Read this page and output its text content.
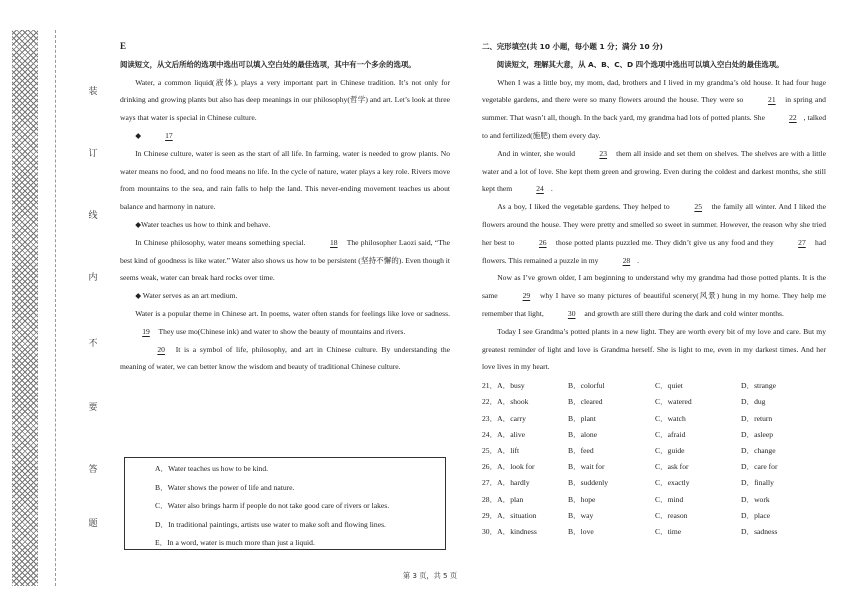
装
订
线
内
不
要
答
题

E

阅读短文，从文后所给的选项中选出可以填入空白处的最佳选项，其中有一个多余的选项。

Water, a common liquid(液体), plays a very important part in Chinese tradition. It’s not only for drinking and growing plants but also has deep meanings in our philosophy(哲学) and art. Let’s look at three ways that water is special in Chinese culture.

◆	17

In Chinese culture, water is seen as the start of all life. In farming, water is needed to grow plants. No water means no food, and no food means no life. In the cycle of nature, water plays a key role. Rivers move from mountains to the sea, and rain falls to help the land. This never-ending movement teaches us about balance and harmony in nature.

◆Water teaches us how to think and behave.

In Chinese philosophy, water means something special.	18 The philosopher Laozi said, “The best kind of goodness is like water.” Water also shows us how to be persistent (坚持不懈的). Even though it seems weak, water can break hard rocks over time.

◆ Water serves as an art medium.

Water is a popular theme in Chinese art. In poems, water often stands for feelings like love or sadness. 19 They use mo(Chinese ink) and water to show the beauty of mountains and rivers.

20 It is a symbol of life, philosophy, and art in Chinese culture. By understanding the meaning of water, we can better know the wisdom and beauty of traditional Chinese culture.

A．Water teaches us how to be kind.
B．Water shows the power of life and nature.
C．Water also brings harm if people do not take good care of rivers or lakes.
D．In traditional paintings, artists use water to make soft and flowing lines.
E．In a word, water is much more than just a liquid.

二、完形填空(共 10 小题，每小题 1 分；满分 10 分)

阅读短文，理解其大意，从 A、B、C、D 四个选项中选出可以填入空白处的最佳选项。

When I was a little boy, my mom, dad, brothers and I lived in my grandma’s old house. It had four huge vegetable gardens, and there were so many flowers around the house. They were so	21 in spring and summer. That wasn’t all, though. In the back yard, my grandma had lots of potted plants. She	22 , talked to and fertilized(施肥) them every day.

And in winter, she would	23 them all inside and set them on shelves. The shelves are with a little water and a lot of love. She kept them green and growing. Even during the coldest and darkest months, she still kept them	24 .

As a boy, I liked the vegetable gardens. They helped to	25 the family all winter. And I liked the flowers around the house. They were pretty and smelled so sweet in summer. However, the reason why she tried her best to	26 those potted plants puzzled me. They didn’t give us any food and they	27 had flowers. This remained a puzzle in my	28 .

Now as I’ve grown older, I am beginning to understand why my grandma had those potted plants. It is the same	29 why I have so many pictures of beautiful scenery(风景) hung in my home. They help me remember that light,	30 and growth are still there during the dark and cold winter months.

Today I see Grandma’s potted plants in a new light. They are worth every bit of my love and care. But my greatest reminder of light and love is Grandma herself. She is light to me, even in my darkest times. And her love lives in my heart.

21．A．busy	B．colorful	C．quiet	D．strange
22．A．shook	B．cleared	C．watered	D．dug
23．A．carry	B．plant	C．watch	D．return
24．A．alive	B．alone	C．afraid	D．asleep
25．A．lift	B．feed	C．guide	D．change
26．A．look for	B．wait for	C．ask for	D．care for
27．A．hardly	B．suddenly	C．exactly	D．finally
28．A．plan	B．hope	C．mind	D．work
29．A．situation	B．way	C．reason	D．place
30．A．kindness	B．love	C．time	D．sadness
第 3 页，共 5 页
